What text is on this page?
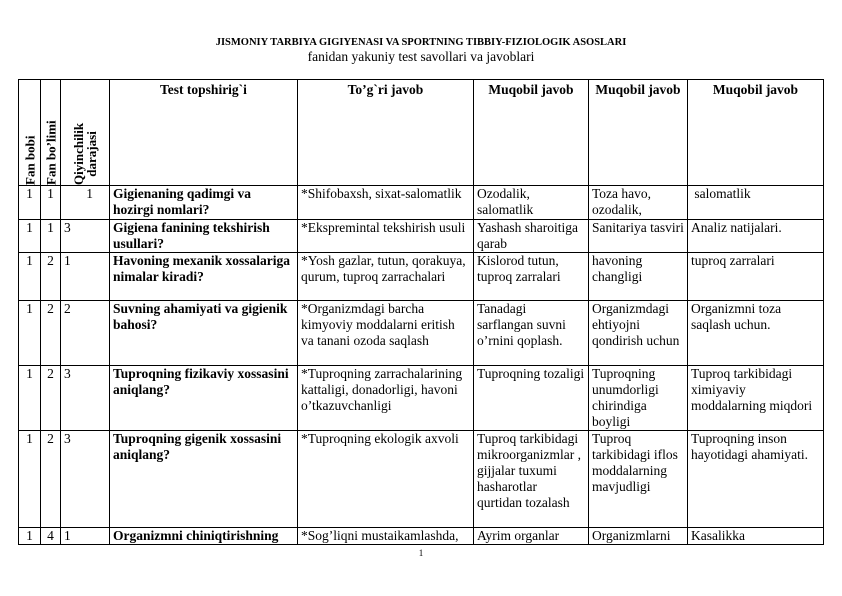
JISMONIY TARBIYA GIGIYENASI VA SPORTNING TIBBIY-FIZIOLOGIK ASOSLARI
fanidan yakuniy test savollari va javoblari
Fan bobi	Fan bo’limi	Qiyinchilik
darajasi	Test topshirig`i	To’g`ri javob	Muqobil javob	Muqobil javob	Muqobil javob
1	1	1	Gigienaning qadimgi va hozirgi nomlari?	*Shifobaxsh, sixat-salomatlik	Ozodalik, salomatlik	Toza havo, ozodalik,	salomatlik
1	1	3	Gigiena fanining tekshirish usullari?	*Ekspremintal tekshirish usuli	Yashash sharoitiga qarab	Sanitariya tasviri	Analiz natijalari.
1	2	1	Havoning mexanik xossalariga nimalar kiradi?	*Yosh gazlar, tutun, qorakuya, qurum, tuproq zarrachalari	Kislorod tutun, tuproq zarralari	havoning changligi	tuproq zarralari
1	2	2	Suvning ahamiyati va gigienik bahosi?	*Organizmdagi barcha kimyoviy moddalarni eritish va tanani ozoda saqlash	Tanadagi sarflangan suvni o’rnini qoplash.	Organizmdagi ehtiyojni qondirish uchun	Organizmni toza saqlash uchun.
1	2	3	Tuproqning fizikaviy xossasini aniqlang?	*Tuproqning zarrachalarining kattaligi, donadorligi, havoni o’tkazuvchanligi	Tuproqning tozaligi	Tuproqning unumdorligi chirindiga boyligi	Tuproq tarkibidagi ximiyaviy moddalarning miqdori
1	2	3	Tuproqning gigenik xossasini aniqlang?	*Tuproqning ekologik axvoli	Tuproq tarkibidagi mikroorganizmlar , gijjalar tuxumi hasharotlar qurtidan tozalash	Tuproq tarkibidagi iflos moddalarning mavjudligi	Tuproqning inson hayotidagi ahamiyati.
1	4	1	Organizmni chiniqtirishning	*Sog’liqni mustaikamlashda,	Ayrim organlar	Organizmlarni	Kasalikka
1
